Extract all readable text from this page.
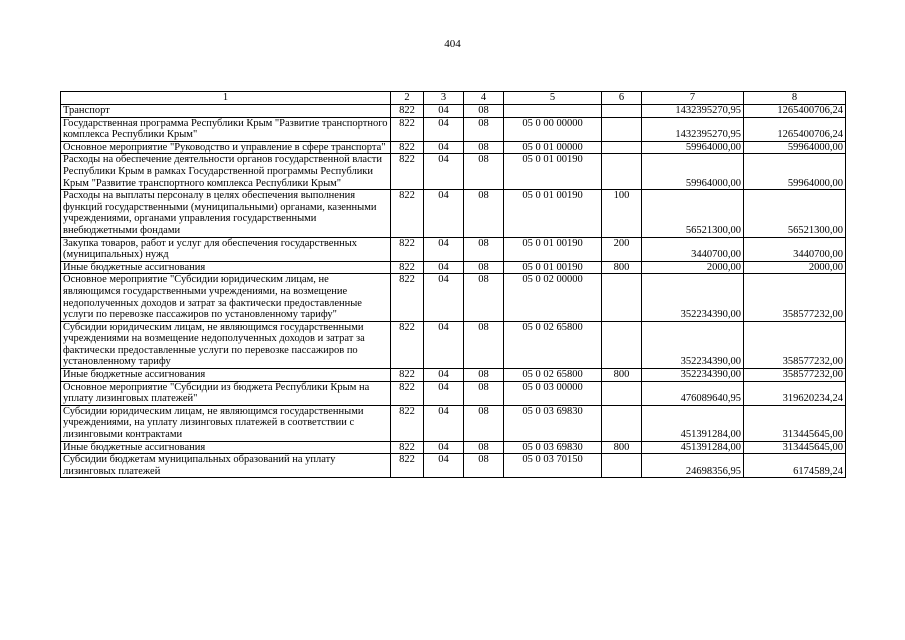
404
1	2	3	4	5	6	7	8
Транспорт	822	04	08			1432395270,95	1265400706,24
Государственная программа Республики Крым "Развитие транспортного комплекса Республики Крым"	822	04	08	05 0 00 00000		1432395270,95	1265400706,24
Основное мероприятие "Руководство и управление в сфере транспорта"	822	04	08	05 0 01 00000		59964000,00	59964000,00
Расходы на обеспечение деятельности органов государственной власти Республики Крым в рамках Государственной программы Республики Крым "Развитие транспортного комплекса Республики Крым"	822	04	08	05 0 01 00190		59964000,00	59964000,00
Расходы на выплаты персоналу в целях обеспечения выполнения функций государственными (муниципальными) органами, казенными учреждениями, органами управления государственными внебюджетными фондами	822	04	08	05 0 01 00190	100	56521300,00	56521300,00
Закупка товаров, работ и услуг для обеспечения государственных (муниципальных) нужд	822	04	08	05 0 01 00190	200	3440700,00	3440700,00
Иные бюджетные ассигнования	822	04	08	05 0 01 00190	800	2000,00	2000,00
Основное мероприятие "Субсидии юридическим лицам, не являющимся государственными учреждениями, на возмещение недополученных доходов и затрат за фактически предоставленные услуги по перевозке пассажиров по установленному тарифу"	822	04	08	05 0 02 00000		352234390,00	358577232,00
Субсидии юридическим лицам, не являющимся государственными учреждениями на возмещение недополученных доходов и затрат за фактически предоставленные услуги по перевозке пассажиров по установленному тарифу	822	04	08	05 0 02 65800		352234390,00	358577232,00
Иные бюджетные ассигнования	822	04	08	05 0 02 65800	800	352234390,00	358577232,00
Основное мероприятие "Субсидии из бюджета Республики Крым на уплату лизинговых платежей"	822	04	08	05 0 03 00000		476089640,95	319620234,24
Субсидии юридическим лицам, не являющимся государственными учреждениями, на уплату лизинговых платежей в соответствии с лизинговыми контрактами	822	04	08	05 0 03 69830		451391284,00	313445645,00
Иные бюджетные ассигнования	822	04	08	05 0 03 69830	800	451391284,00	313445645,00
Субсидии бюджетам муниципальных образований на уплату лизинговых платежей	822	04	08	05 0 03 70150		24698356,95	6174589,24
